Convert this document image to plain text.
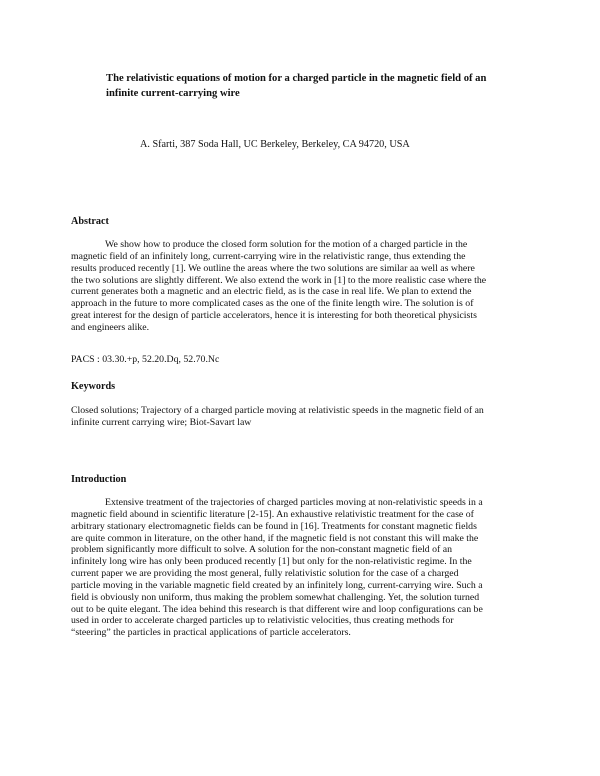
The relativistic equations of motion for a charged particle in the magnetic field of an
infinite current-carrying wire

A. Sfarti, 387 Soda Hall, UC Berkeley, Berkeley, CA 94720, USA

Abstract
We show how to produce the closed form solution for the motion of a charged particle in the
magnetic field of an infinitely long, current-carrying wire in the relativistic range, thus extending the
results produced recently [1]. We outline the areas where the two solutions are similar aa well as where
the two solutions are slightly different. We also extend the work in [1] to the more realistic case where the
current generates both a magnetic and an electric field, as is the case in real life. We plan to extend the
approach in the future to more complicated cases as the one of the finite length wire. The solution is of
great interest for the design of particle accelerators, hence it is interesting for both theoretical physicists
and engineers alike.

PACS : 03.30.+p, 52.20.Dq, 52.70.Nc

Keywords
Closed solutions; Trajectory of a charged particle moving at relativistic speeds in the magnetic field of an
infinite current carrying wire; Biot-Savart law
Introduction
Extensive treatment of the trajectories of charged particles moving at non-relativistic speeds in a
magnetic field abound in scientific literature [2-15]. An exhaustive relativistic treatment for the case of
arbitrary stationary electromagnetic fields can be found in [16]. Treatments for constant magnetic fields
are quite common in literature, on the other hand, if the magnetic field is not constant this will make the
problem significantly more difficult to solve. A solution for the non-constant magnetic field of an
infinitely long wire has only been produced recently [1] but only for the non-relativistic regime. In the
current paper we are providing the most general, fully relativistic solution for the case of a charged
particle moving in the variable magnetic field created by an infinitely long, current-carrying wire. Such a
field is obviously non uniform, thus making the problem somewhat challenging. Yet, the solution turned
out to be quite elegant. The idea behind this research is that different wire and loop configurations can be
used in order to accelerate charged particles up to relativistic velocities, thus creating methods for
“steering” the particles in practical applications of particle accelerators.
